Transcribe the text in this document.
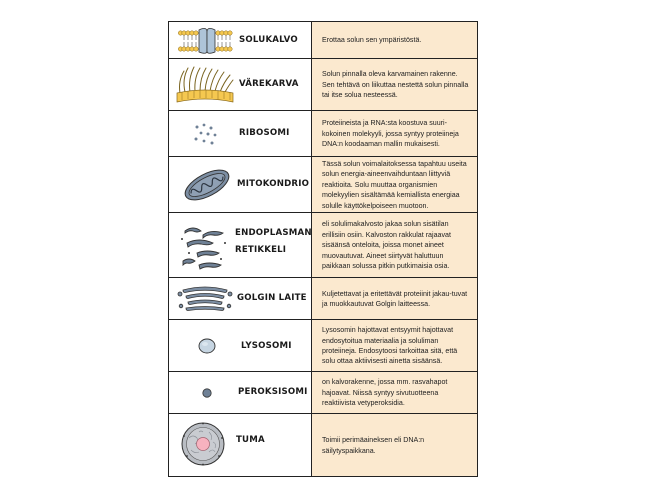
SOLUKALVO	Erottaa solun sen ympäristöstä.
VÄREKARVA
Solun pinnalla oleva karvamainen rakenne. Sen tehtävä on liikuttaa nestettä solun pinnalla tai itse solua nesteessä.
RIBOSOMI
Proteiineista ja RNA:sta koostuva suuri-kokoinen molekyyli, jossa syntyy proteiineja DNA:n koodaaman mallin mukaisesti.
MITOKONDRIO
Tässä solun voimalaitoksessa tapahtuu useita solun energia-aineenvaihduntaan liittyviä reaktioita. Solu muuttaa organismien molekyylien sisältämää kemiallista energiaa solulle käyttökelpoiseen muotoon.
ENDOPLASMAN
RETIKKELI
eli solulimakalvosto jakaa solun sisätilan erillisiin osiin. Kalvoston rakkulat rajaavat sisäänsä onteloita, joissa monet aineet muovautuvat. Aineet siirtyvät haluttuun paikkaan solussa pitkin putkimaisia osia.
GOLGIN LAITE Kuljetettavat ja eritettävät proteiinit jakau-tuvat ja muokkautuvat Golgin laitteessa.
LYSOSOMI
Lysosomin hajottavat entsyymit hajottavat endosytoitua materiaalia ja soluliman proteiineja. Endosytoosi tarkoittaa sitä, että solu ottaa aktiivisesti ainetta sisäänsä.
PEROKSISOMI
on kalvorakenne, jossa mm. rasvahapot hajoavat. Niissä syntyy sivutuotteena reaktiivista vetyperoksidia.
TUMA	Toimii perimäaineksen eli DNA:n säilytyspaikkana.
